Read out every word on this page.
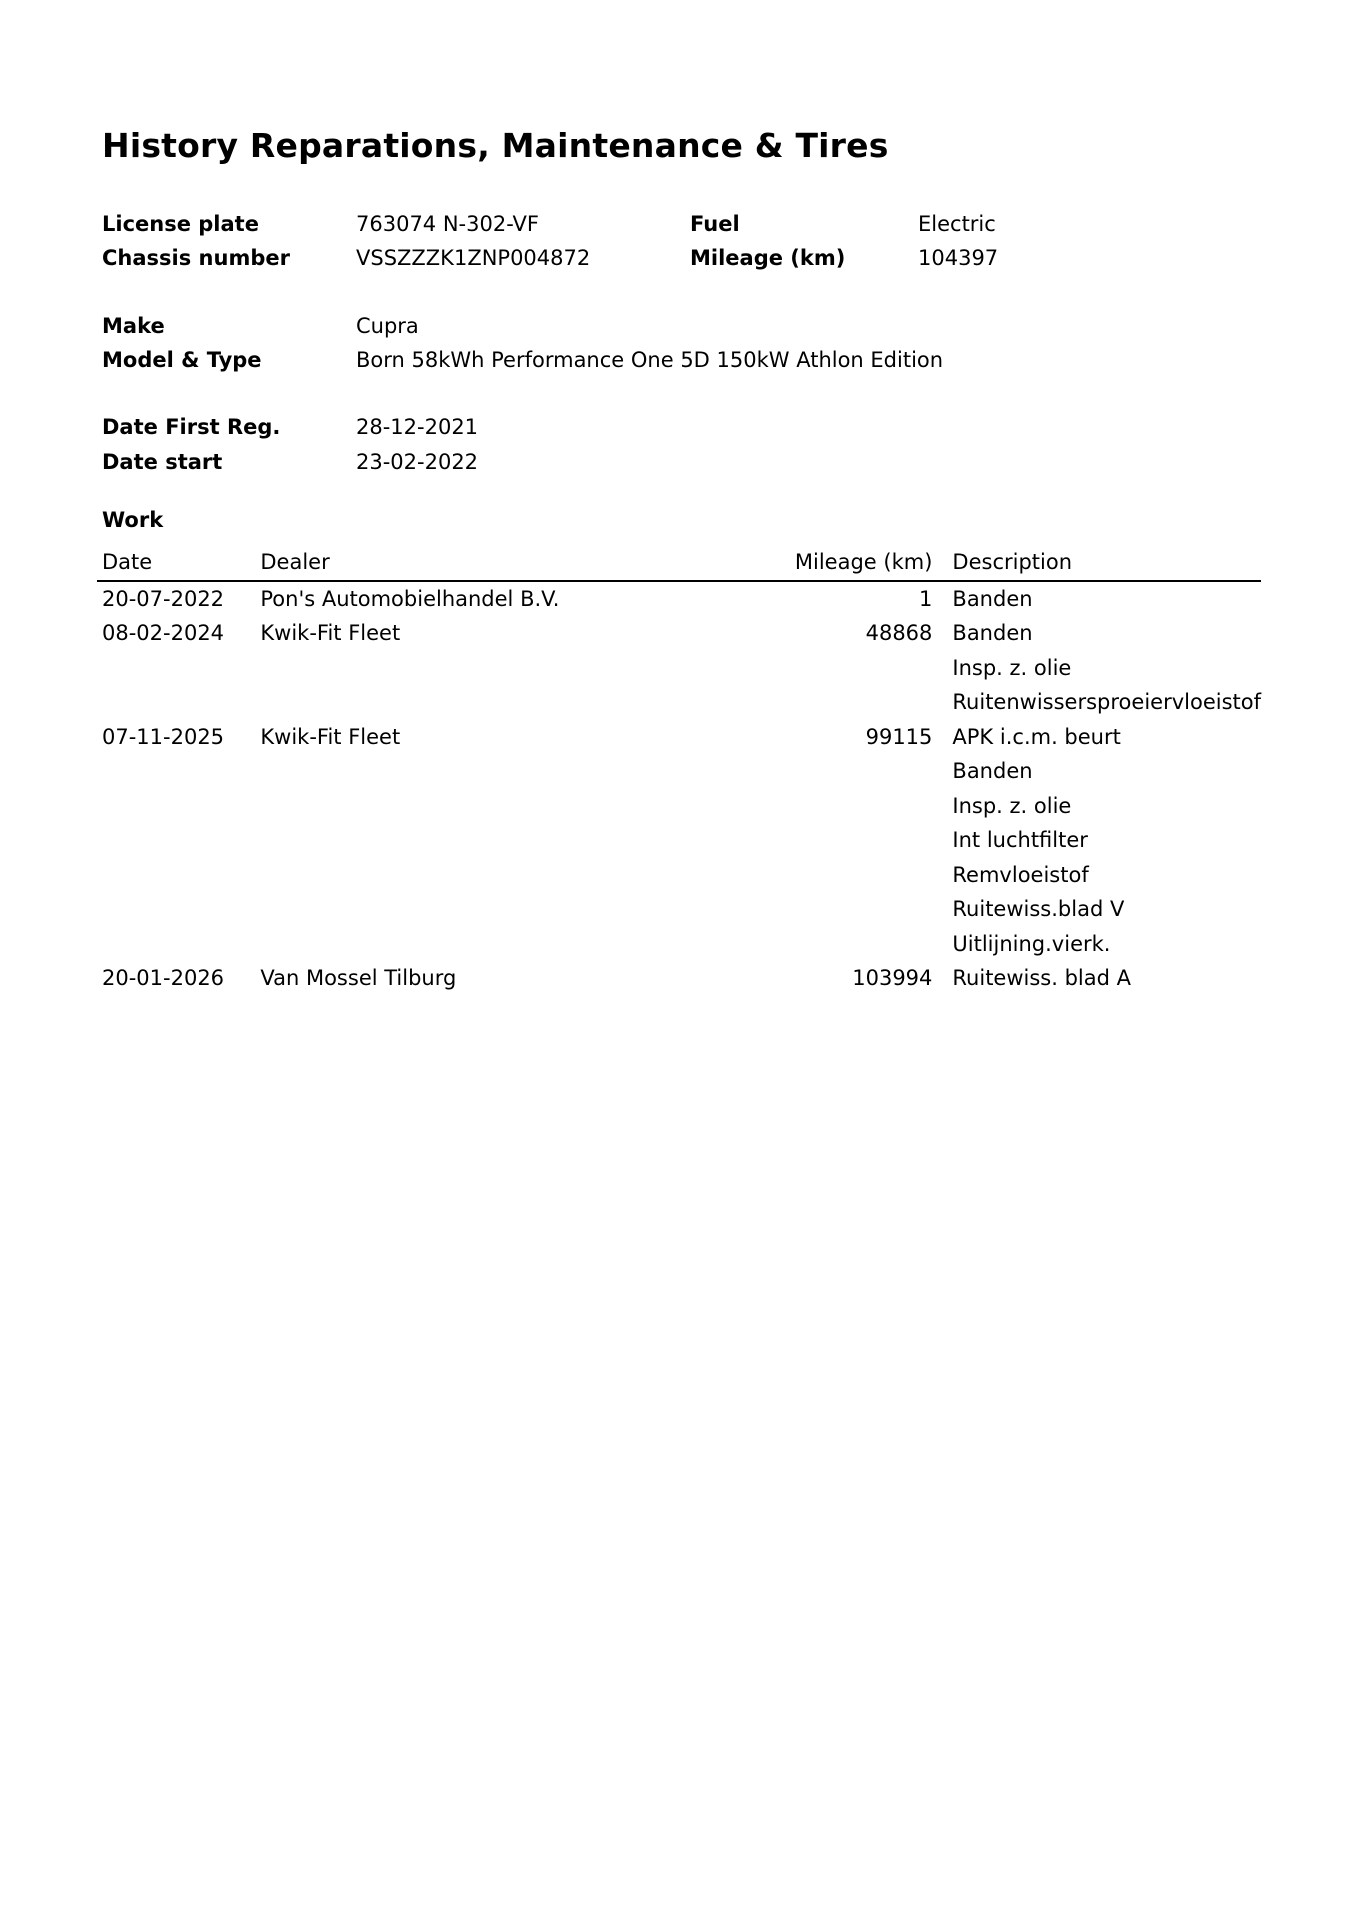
History Reparations, Maintenance & Tires
License plate	763074 N-302-VF	Fuel	Electric
Chassis number	VSSZZZK1ZNP004872	Mileage (km)	104397
Make	Cupra
Model & Type	Born 58kWh Performance One 5D 150kW Athlon Edition
Date First Reg.	28-12-2021
Date start	23-02-2022
Work
Date	Dealer	Mileage (km)	Description
20-07-2022	Pon's Automobielhandel B.V.	1	Banden
08-02-2024	Kwik-Fit Fleet	48868	Banden
			Insp. z. olie
			Ruitenwissersproeiervloeistof
07-11-2025	Kwik-Fit Fleet	99115	APK i.c.m. beurt
			Banden
			Insp. z. olie
			Int luchtfilter
			Remvloeistof
			Ruitewiss.blad V
			Uitlijning.vierk.
20-01-2026	Van Mossel Tilburg	103994	Ruitewiss. blad A
